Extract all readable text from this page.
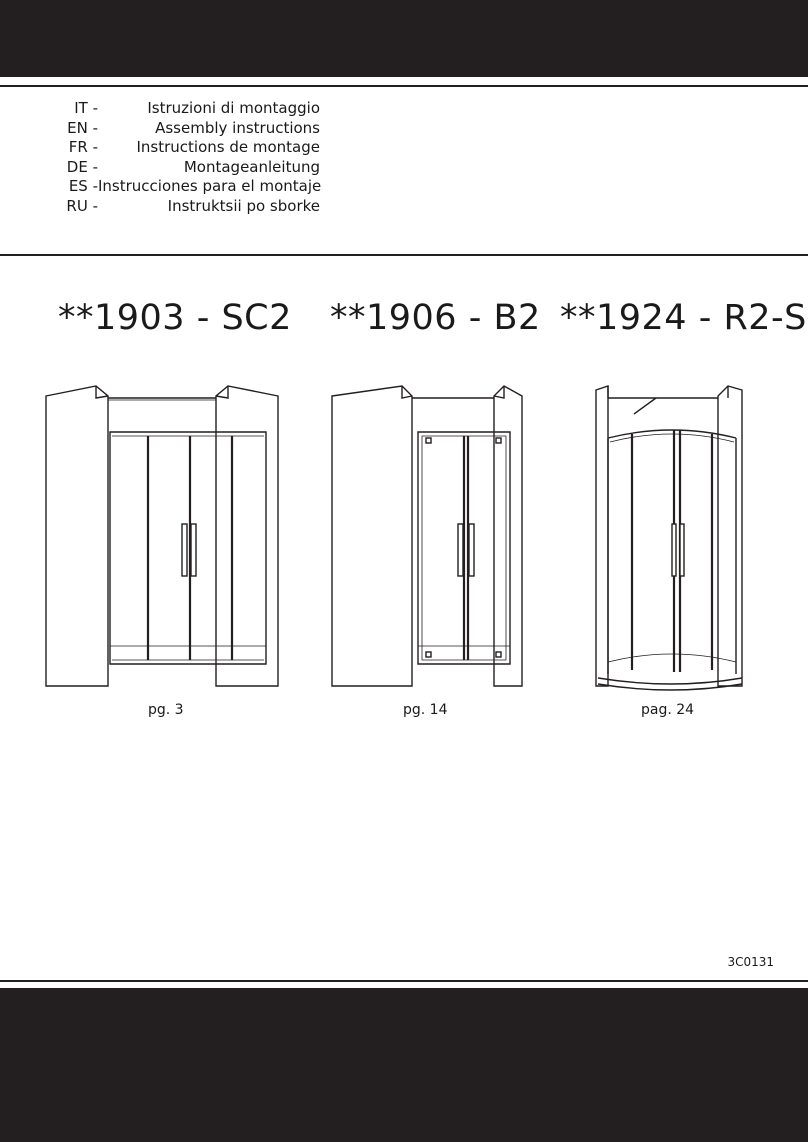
IT -	Istruzioni di montaggio
EN -	Assembly instructions
FR -	Instructions de montage
DE -	Montageanleitung
ES - Instrucciones para el montaje
RU -	Instruktsii po sborke
**1903 - SC2 **1906 - B2 **1924 - R2-S
pg. 3	pg. 14	pag. 24
3C0131
